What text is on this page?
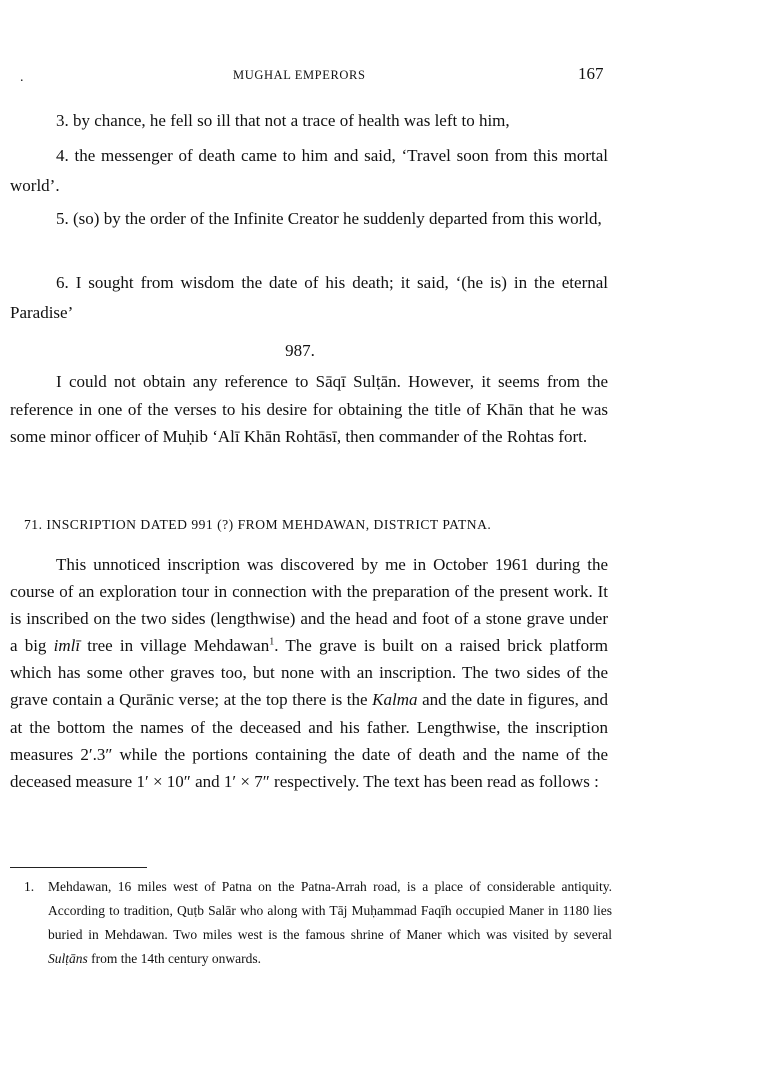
.	MUGHAL EMPERORS	167

3. by chance, he fell so ill that not a trace of health was left to him,

4. the messenger of death came to him and said, ‘Travel soon from this mortal world’.

5. (so) by the order of the Infinite Creator he suddenly departed from this world,

6. I sought from wisdom the date of his death; it said, ‘(he is) in the eternal Paradise’

987.

I could not obtain any reference to Sāqī Sulṭān. However, it seems from the reference in one of the verses to his desire for obtaining the title of Khān that he was some minor officer of Muḥib ‘Alī Khān Rohtāsī, then commander of the Rohtas fort.

71. INSCRIPTION DATED 991 (?) FROM MEHDAWAN, DISTRICT PATNA.

This unnoticed inscription was discovered by me in October 1961 during the course of an exploration tour in connection with the preparation of the present work. It is inscribed on the two sides (lengthwise) and the head and foot of a stone grave under a big imlī tree in village Mehdawan$^1$. The grave is built on a raised brick platform which has some other graves too, but none with an inscription. The two sides of the grave contain a Qurānic verse; at the top there is the Kalma and the date in figures, and at the bottom the names of the deceased and his father. Lengthwise, the inscription measures 2′.3″ while the portions containing the date of death and the name of the deceased measure 1′ × 10″ and 1′ × 7″ respectively. The text has been read as follows :

1.	Mehdawan, 16 miles west of Patna on the Patna-Arrah road, is a place of considerable antiquity. According to tradition, Quṭb Salār who along with Tāj Muḥammad Faqīh occupied Maner in 1180 lies buried in Mehdawan. Two miles west is the famous shrine of Maner which was visited by several Sulṭāns from the 14th century onwards.
